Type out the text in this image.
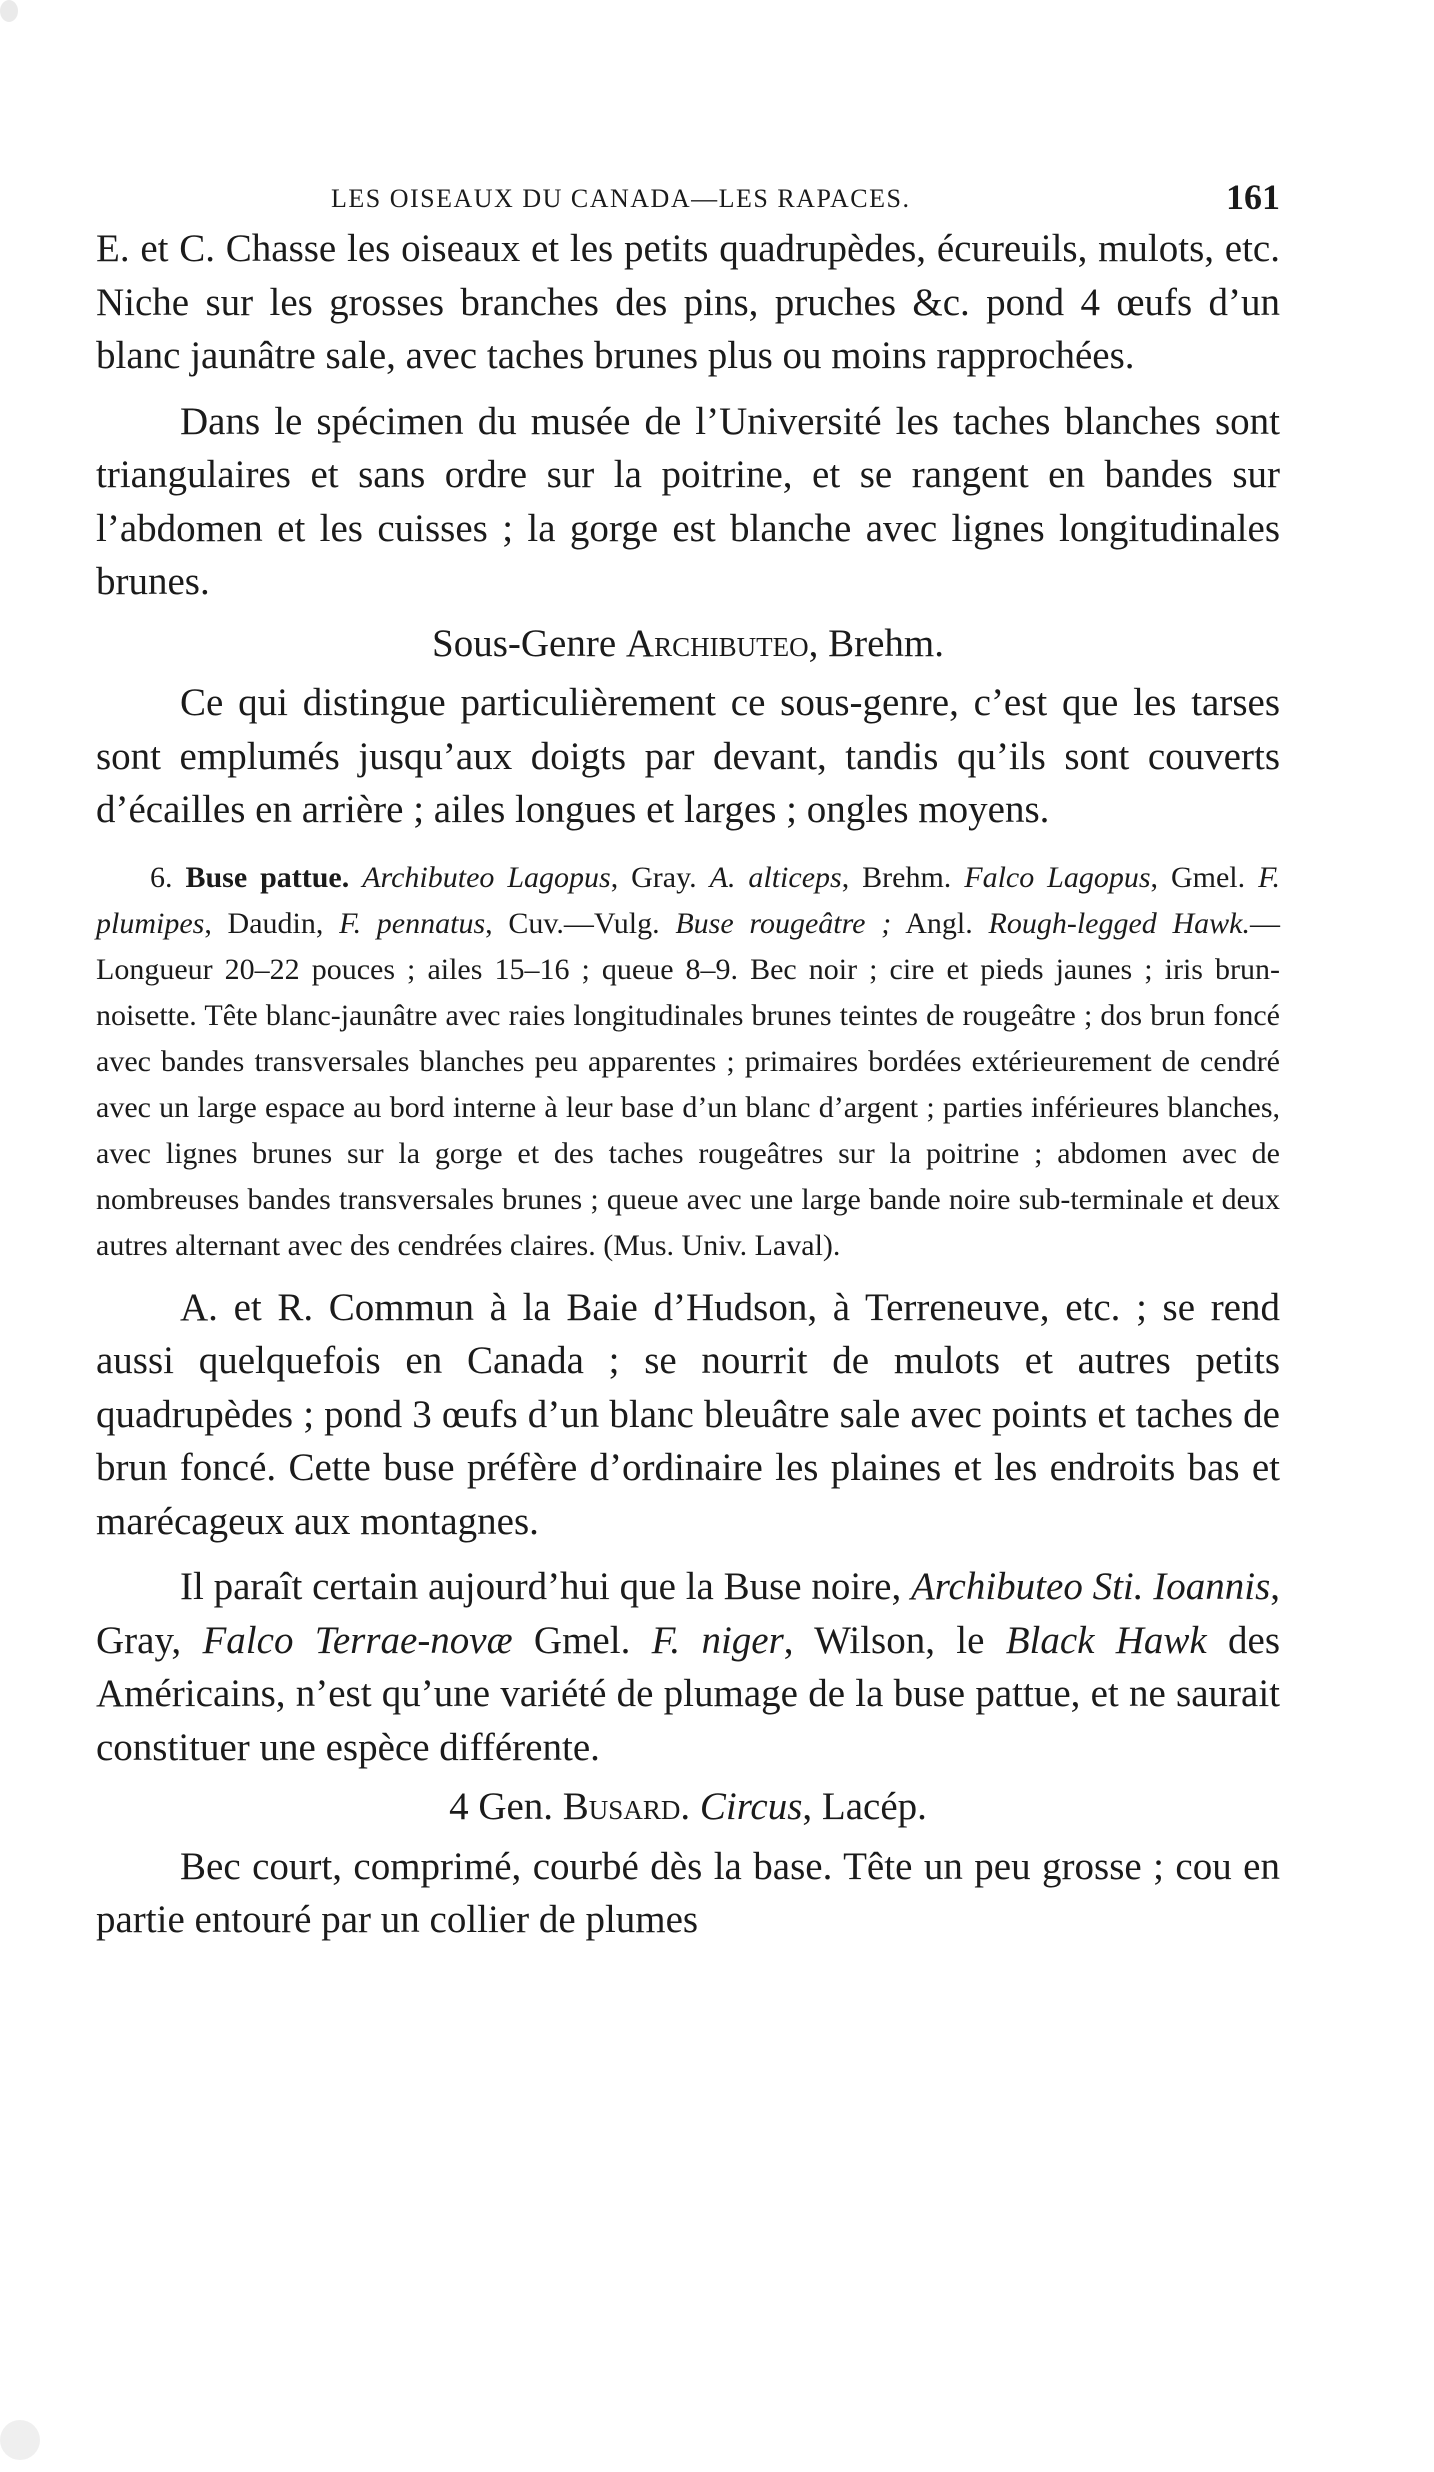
LES OISEAUX DU CANADA—LES RAPACES.	161

E. et C. Chasse les oiseaux et les petits quadrupèdes, écureuils, mulots, etc. Niche sur les grosses branches des pins, pruches &c. pond 4 œufs d’un blanc jaunâtre sale, avec taches brunes plus ou moins rapprochées.

Dans le spécimen du musée de l’Université les taches blanches sont triangulaires et sans ordre sur la poitrine, et se rangent en bandes sur l’abdomen et les cuisses ; la gorge est blanche avec lignes longitudinales brunes.

Sous-Genre Archibuteo, Brehm.

Ce qui distingue particulièrement ce sous-genre, c’est que les tarses sont emplumés jusqu’aux doigts par devant, tandis qu’ils sont couverts d’écailles en arrière ; ailes longues et larges ; ongles moyens.

6. Buse pattue. Archibuteo Lagopus, Gray. A. alticeps, Brehm. Falco Lagopus, Gmel. F. plumipes, Daudin, F. pennatus, Cuv.—Vulg. Buse rougeâtre ; Angl. Rough-legged Hawk.—Longueur 20–22 pouces ; ailes 15–16 ; queue 8–9. Bec noir ; cire et pieds jaunes ; iris brun-noisette. Tête blanc-jaunâtre avec raies longitudinales brunes teintes de rougeâtre ; dos brun foncé avec bandes transversales blanches peu apparentes ; primaires bordées extérieurement de cendré avec un large espace au bord interne à leur base d’un blanc d’argent ; parties inférieures blanches, avec lignes brunes sur la gorge et des taches rougeâtres sur la poitrine ; abdomen avec de nombreuses bandes transversales brunes ; queue avec une large bande noire sub-terminale et deux autres alternant avec des cendrées claires. (Mus. Univ. Laval).

A. et R. Commun à la Baie d’Hudson, à Terreneuve, etc. ; se rend aussi quelquefois en Canada ; se nourrit de mulots et autres petits quadrupèdes ; pond 3 œufs d’un blanc bleuâtre sale avec points et taches de brun foncé. Cette buse préfère d’ordinaire les plaines et les endroits bas et marécageux aux montagnes.

Il paraît certain aujourd’hui que la Buse noire, Archibuteo Sti. Ioannis, Gray, Falco Terrae-novæ Gmel. F. niger, Wilson, le Black Hawk des Américains, n’est qu’une variété de plumage de la buse pattue, et ne saurait constituer une espèce différente.

4 Gen. Busard. Circus, Lacép.

Bec court, comprimé, courbé dès la base. Tête un peu grosse ; cou en partie entouré par un collier de plumes
